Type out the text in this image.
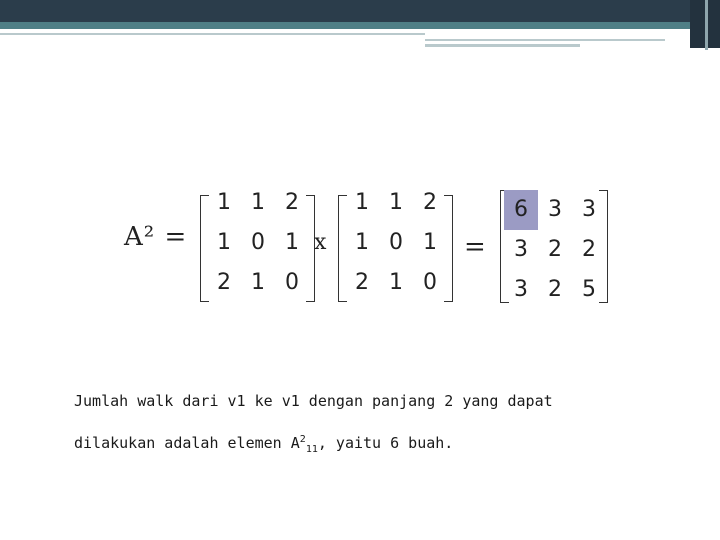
A² =
1 1 2
1 0 1
2 1 0
x
1 1 2
1 0 1
2 1 0
=
6 3 3
3 2 2
3 2 5
Jumlah walk dari v1 ke v1 dengan panjang 2 yang dapat
dilakukan adalah elemen $A^2_{11}$, yaitu 6 buah.
